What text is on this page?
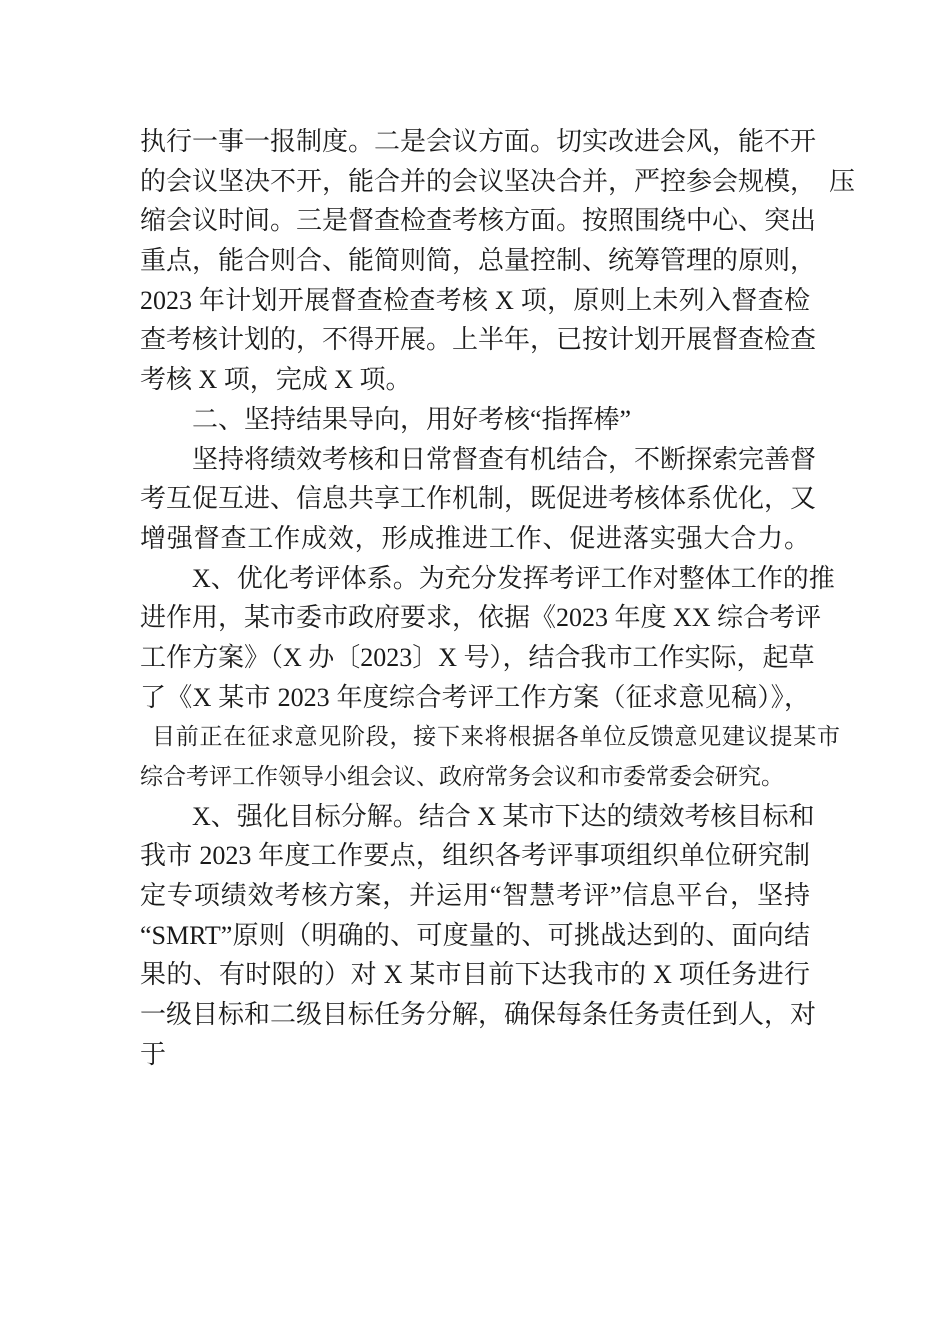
执行一事一报制度。二是会议方面。切实改进会风，能不开
的会议坚决不开，能合并的会议坚决合并，严控参会规模，　压
缩会议时间。三是督查检查考核方面。按照围绕中心、突出
重点，能合则合、能简则简，总量控制、统筹管理的原则，
2023 年计划开展督查检查考核 X 项，原则上未列入督查检
查考核计划的，不得开展。上半年，已按计划开展督查检查
考核 X 项，完成 X 项。
二、坚持结果导向，用好考核“指挥棒”
坚持将绩效考核和日常督查有机结合，不断探索完善督
考互促互进、信息共享工作机制，既促进考核体系优化，又
增强督查工作成效，形成推进工作、促进落实强大合力。
X、优化考评体系。为充分发挥考评工作对整体工作的推
进作用，某市委市政府要求，依据《2023 年度 XX 综合考评
工作方案》（X 办〔2023〕X 号），结合我市工作实际，起草
了《X 某市 2023 年度综合考评工作方案（征求意见稿）》，
目前正在征求意见阶段，接下来将根据各单位反馈意见建议提某市
综合考评工作领导小组会议、政府常务会议和市委常委会研究。
X、强化目标分解。结合 X 某市下达的绩效考核目标和
我市 2023 年度工作要点，组织各考评事项组织单位研究制
定专项绩效考核方案，并运用“智慧考评”信息平台，坚持
“SMRT”原则（明确的、可度量的、可挑战达到的、面向结
果的、有时限的）对 X 某市目前下达我市的 X 项任务进行
一级目标和二级目标任务分解，确保每条任务责任到人，对
于
